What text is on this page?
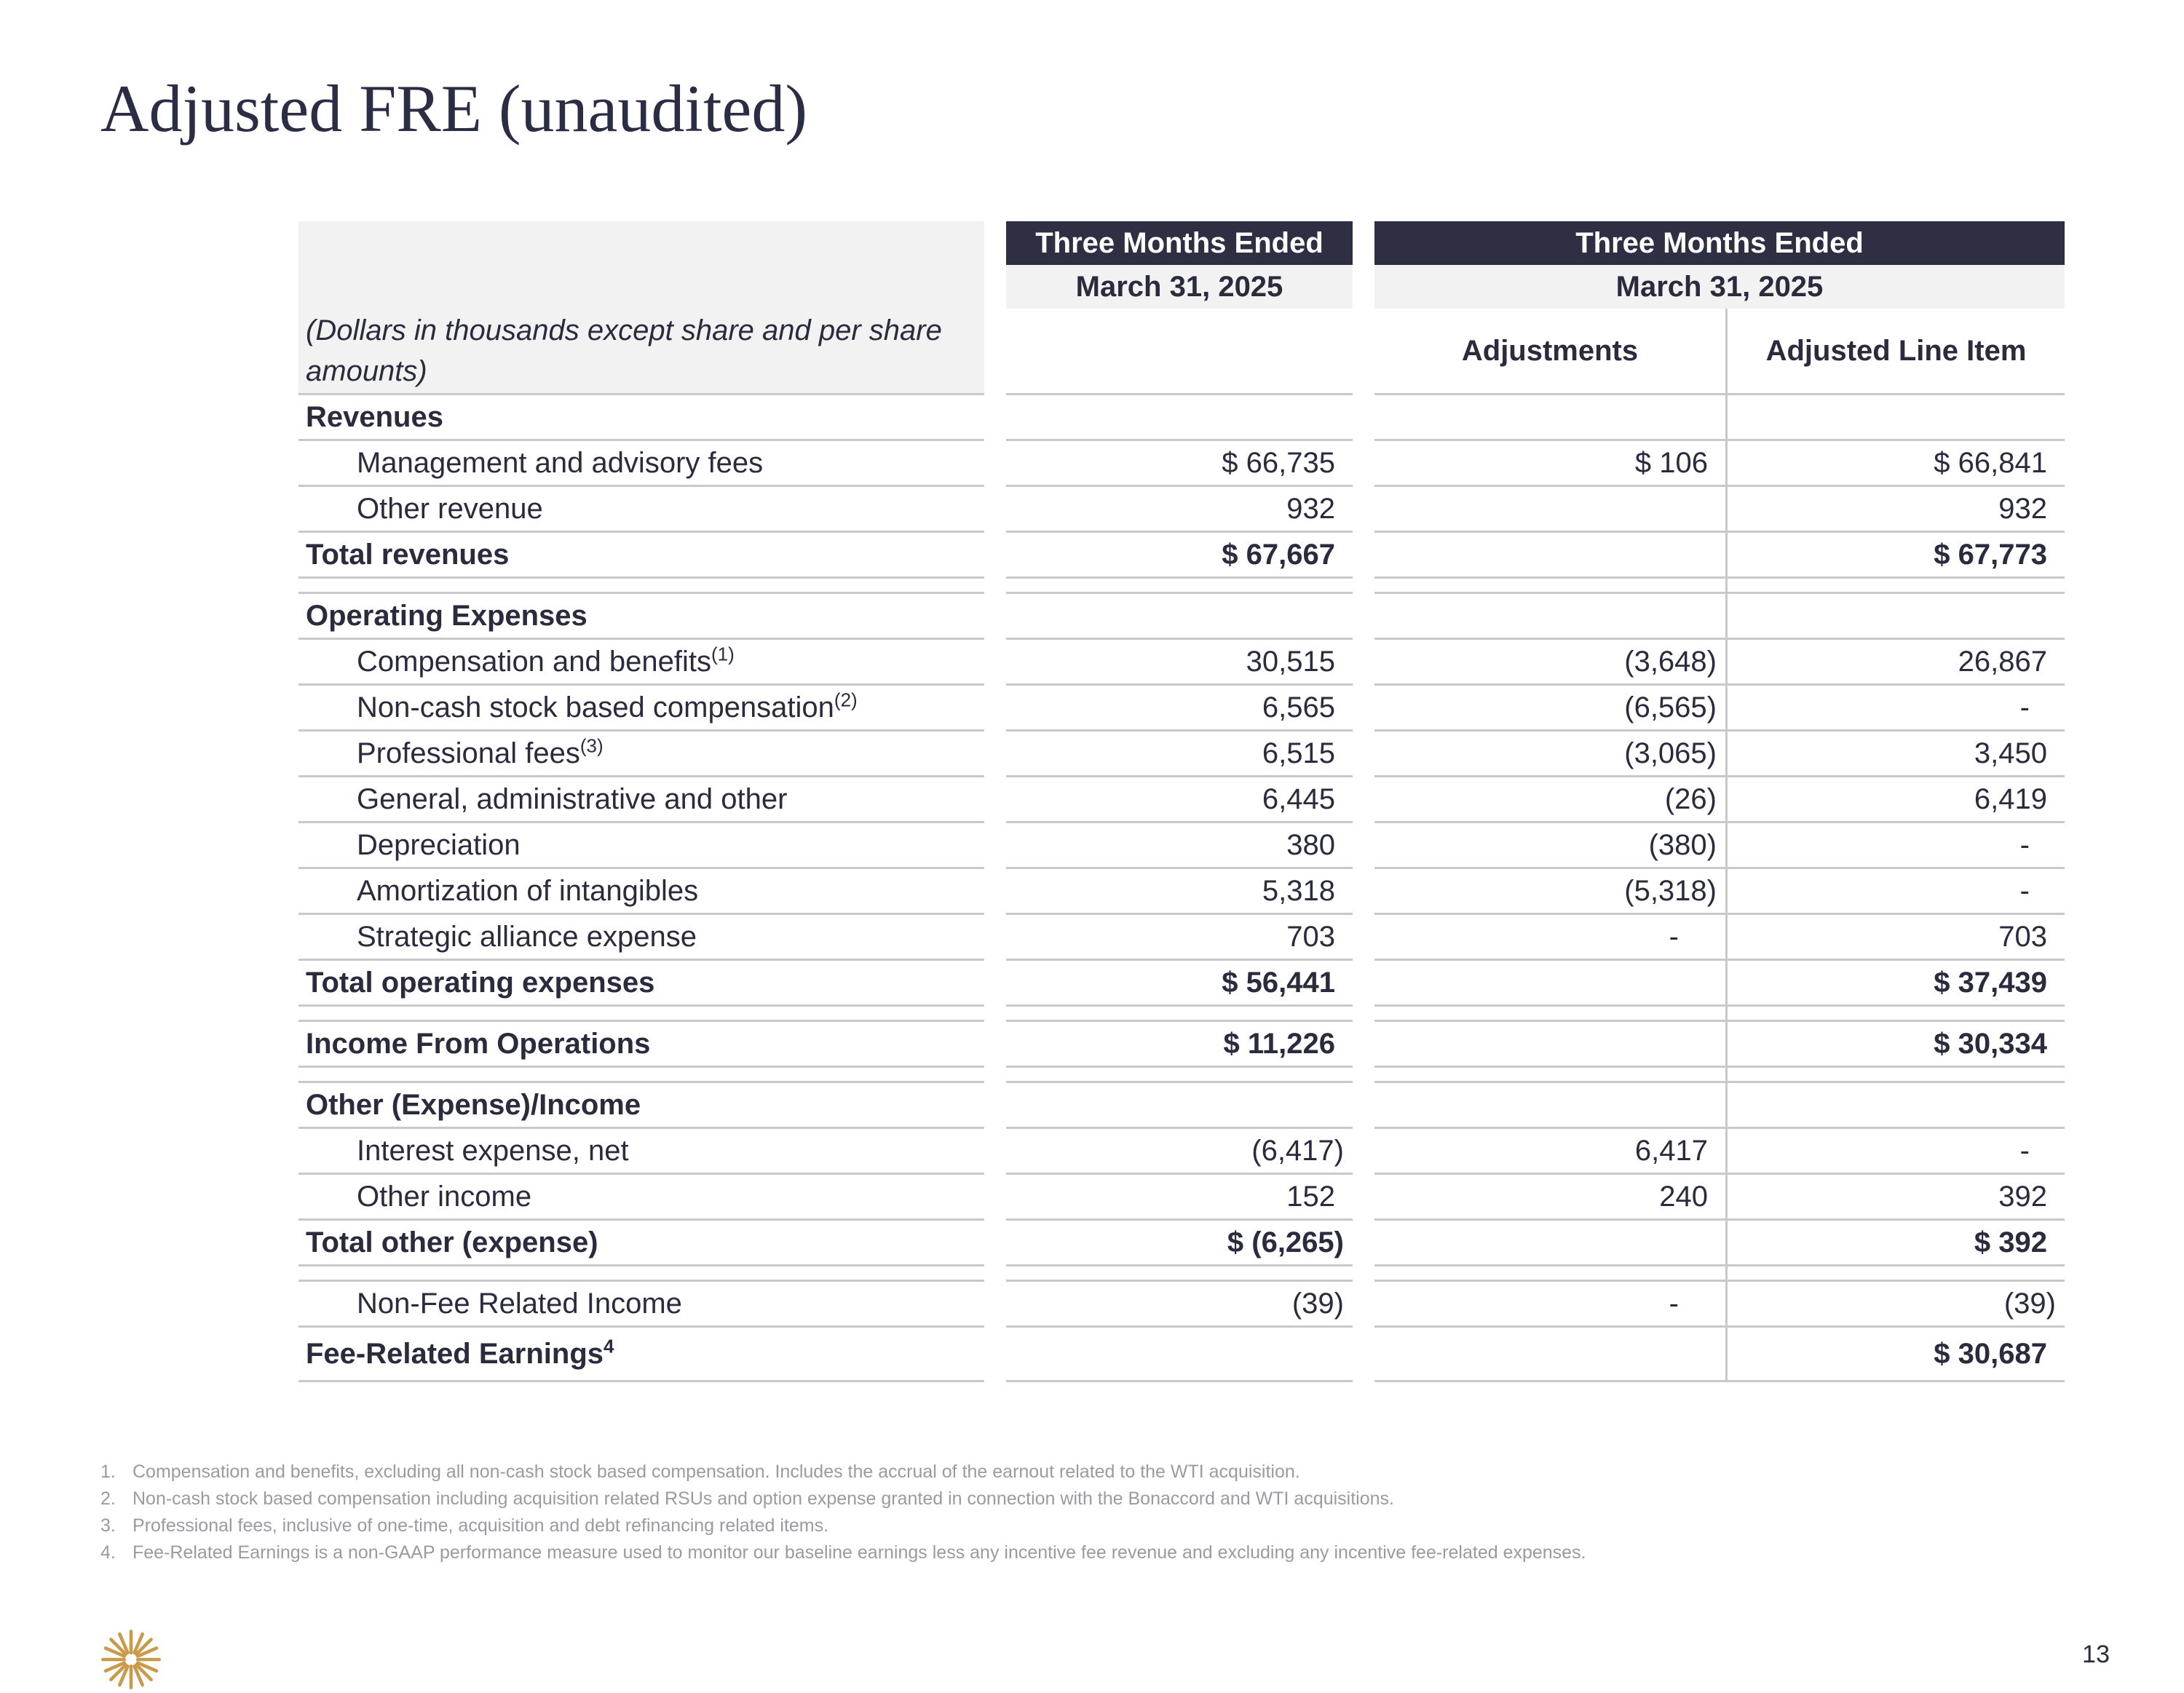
Adjusted FRE (unaudited)
		Three Months Ended		Three Months Ended	
		March 31, 2025		March 31, 2025	
(Dollars in thousands except share and per share amounts)				Adjustments	Adjusted Line Item
Revenues					
Management and advisory fees		$ 66,735		$ 106	$ 66,841
Other revenue		932			932
Total revenues		$ 67,667			$ 67,773

Operating Expenses					
Compensation and benefits$^{(1)}$		30,515		(3,648)	26,867
Non-cash stock based compensation$^{(2)}$		6,565		(6,565)	-
Professional fees$^{(3)}$		6,515		(3,065)	3,450
General, administrative and other		6,445		(26)	6,419
Depreciation		380		(380)	-
Amortization of intangibles		5,318		(5,318)	-
Strategic alliance expense		703		-	703
Total operating expenses		$ 56,441			$ 37,439

Income From Operations		$ 11,226			$ 30,334

Other (Expense)/Income					
Interest expense, net		(6,417)		6,417	-
Other income		152		240	392
Total other (expense)		$ (6,265)			$ 392

Non-Fee Related Income		(39)		-	(39)
Fee-Related Earnings$^4$					$ 30,687
1. Compensation and benefits, excluding all non-cash stock based compensation. Includes the accrual of the earnout related to the WTI acquisition.
2. Non-cash stock based compensation including acquisition related RSUs and option expense granted in connection with the Bonaccord and WTI acquisitions.
3. Professional fees, inclusive of one-time, acquisition and debt refinancing related items.
4. Fee-Related Earnings is a non-GAAP performance measure used to monitor our baseline earnings less any incentive fee revenue and excluding any incentive fee-related expenses.
13
